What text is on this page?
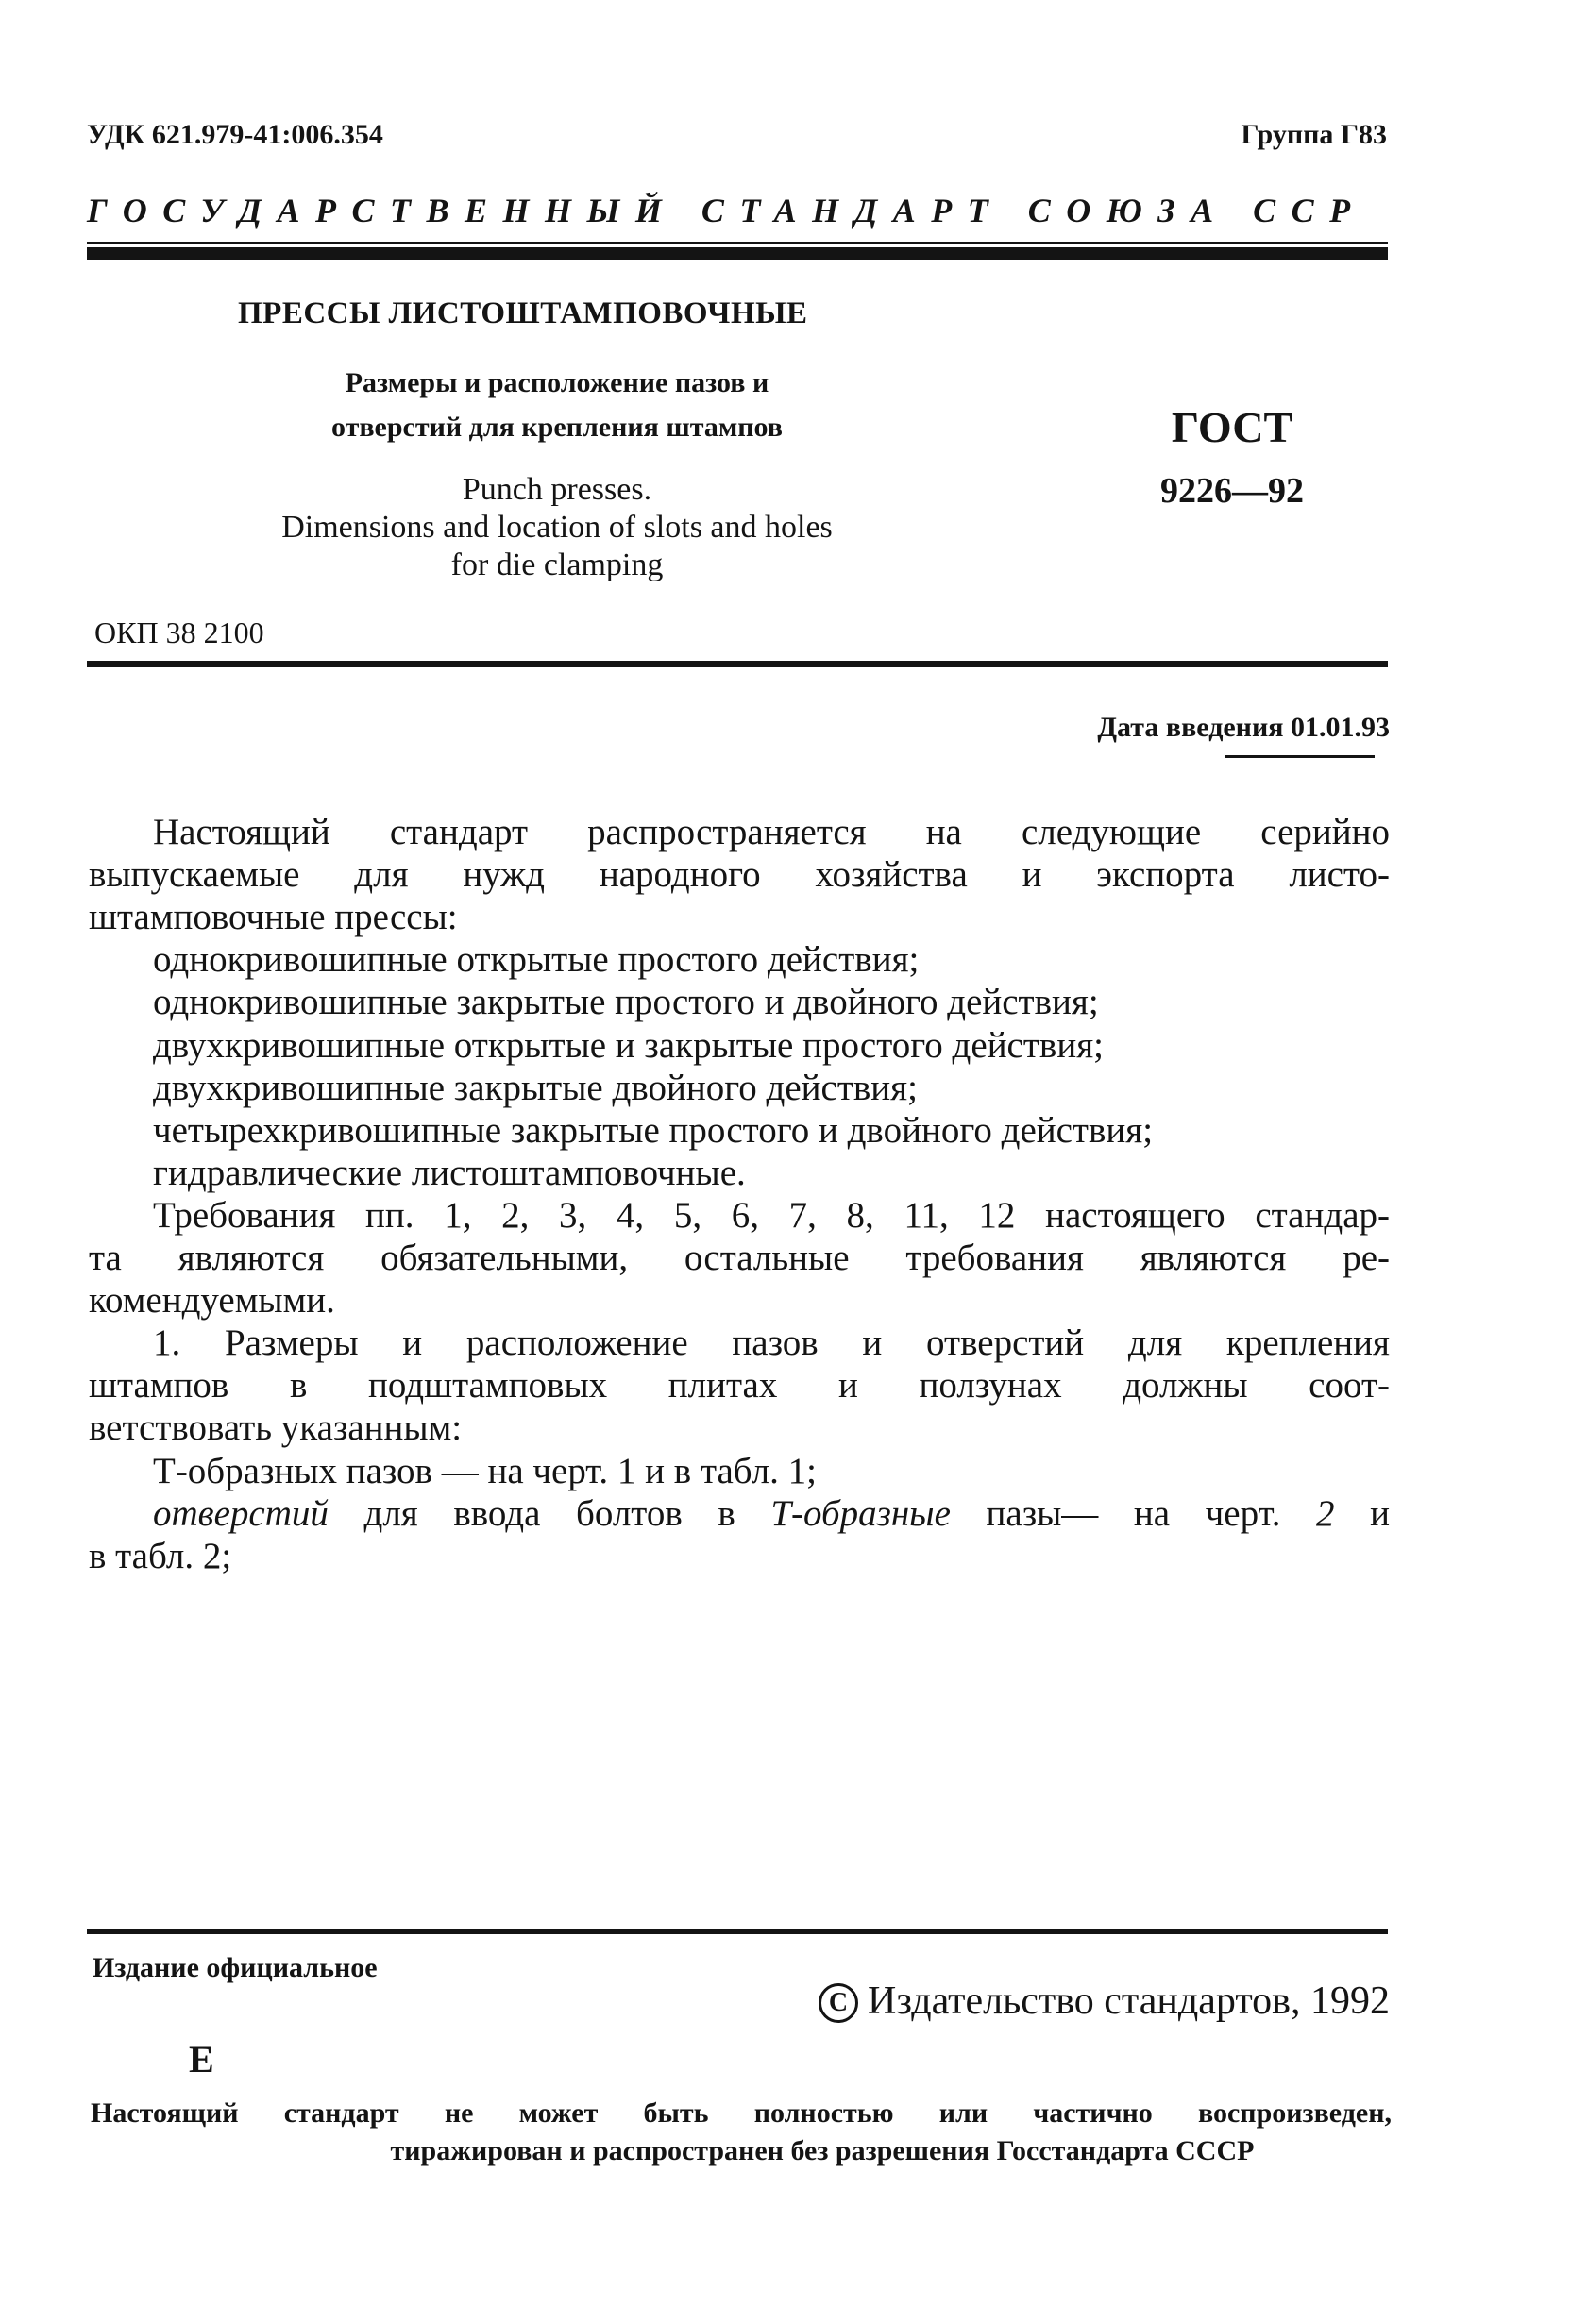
УДК 621.979-41:006.354	Группа Г83
ГОСУДАРСТВЕННЫЙ СТАНДАРТ СОЮЗА ССР
ПРЕССЫ ЛИСТОШТАМПОВОЧНЫЕ
Размеры и расположение пазов и
отверстий для крепления штампов
Punch presses.
Dimensions and location of slots and holes
for die clamping
ГОСТ
9226—92
ОКП 38 2100
Дата введения 01.01.93
Настоящий стандарт распространяется на следующие серийно
выпускаемые для нужд народного хозяйства и экспорта листо-
штамповочные прессы:
однокривошипные открытые простого действия;
однокривошипные закрытые простого и двойного действия;
двухкривошипные открытые и закрытые простого действия;
двухкривошипные закрытые двойного действия;
четырехкривошипные закрытые простого и двойного действия;
гидравлические листоштамповочные.
Требования пп. 1, 2, 3, 4, 5, 6, 7, 8, 11, 12 настоящего стандар-
та являются обязательными, остальные требования являются ре-
комендуемыми.
1. Размеры и расположение пазов и отверстий для крепления
штампов в подштамповых плитах и ползунах должны соот-
ветствовать указанным:
Т-образных пазов — на черт. 1 и в табл. 1;
отверстий для ввода болтов в Т-образные пазы— на черт. 2 и
в табл. 2;
Издание официальное
C Издательство стандартов, 1992
Е
Настоящий стандарт не может быть полностью или частично воспроизведен,
тиражирован и распространен без разрешения Госстандарта СССР
